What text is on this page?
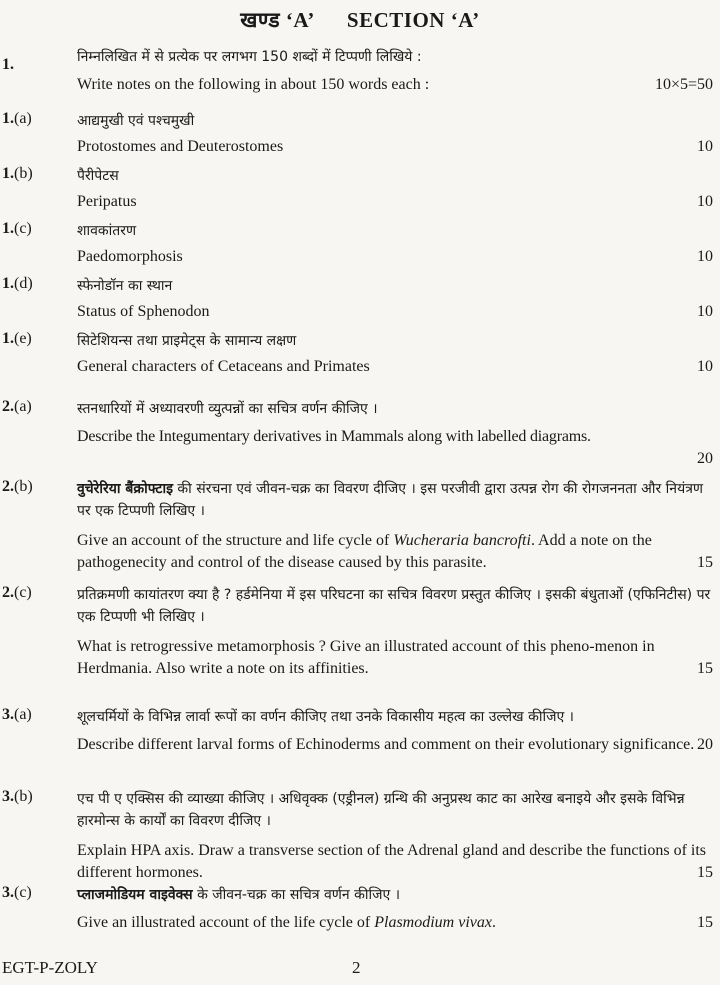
खण्ड ‘A’ SECTION ‘A’
1.	निम्नलिखित में से प्रत्येक पर लगभग 150 शब्दों में टिप्पणी लिखिये :
Write notes on the following in about 150 words each :	10×5=50
1.(a)	आद्यमुखी एवं पश्चमुखी
Protostomes and Deuterostomes	10
1.(b)	पैरीपेटस
Peripatus	10
1.(c)	शावकांतरण
Paedomorphosis	10
1.(d)	स्फेनोडॉन का स्थान
Status of Sphenodon	10
1.(e)	सिटेशियन्स तथा प्राइमेट्स के सामान्य लक्षण
General characters of Cetaceans and Primates	10
2.(a)	स्तनधारियों में अध्यावरणी व्युत्पन्नों का सचित्र वर्णन कीजिए ।
Describe the Integumentary derivatives in Mammals along with labelled diagrams.
20
2.(b)	वुचेरेरिया बैंक्रोफ्टाइ की संरचना एवं जीवन-चक्र का विवरण दीजिए । इस परजीवी द्वारा उत्पन्न रोग की रोगजननता और नियंत्रण पर एक टिप्पणी लिखिए ।
Give an account of the structure and life cycle of Wucheraria bancrofti. Add a note on the pathogenecity and control of the disease caused by this parasite.	15
2.(c)	प्रतिक्रमणी कायांतरण क्या है ? हर्डमेनिया में इस परिघटना का सचित्र विवरण प्रस्तुत कीजिए । इसकी बंधुताओं (एफिनिटीस) पर एक टिप्पणी भी लिखिए ।
What is retrogressive metamorphosis ? Give an illustrated account of this pheno-menon in Herdmania. Also write a note on its affinities.	15
3.(a)	शूलचर्मियों के विभिन्न लार्वा रूपों का वर्णन कीजिए तथा उनके विकासीय महत्व का उल्लेख कीजिए ।
Describe different larval forms of Echinoderms and comment on their evolutionary significance. 20
3.(b)	एच पी ए एक्सिस की व्याख्या कीजिए । अधिवृक्क (एड्रीनल) ग्रन्थि की अनुप्रस्थ काट का आरेख बनाइये और इसके विभिन्न हारमोन्स के कार्यों का विवरण दीजिए ।
Explain HPA axis. Draw a transverse section of the Adrenal gland and describe the functions of its different hormones.	15
3.(c)	प्लाजमोडियम वाइवेक्स के जीवन-चक्र का सचित्र वर्णन कीजिए ।
Give an illustrated account of the life cycle of Plasmodium vivax.	15
EGT-P-ZOLY	2
